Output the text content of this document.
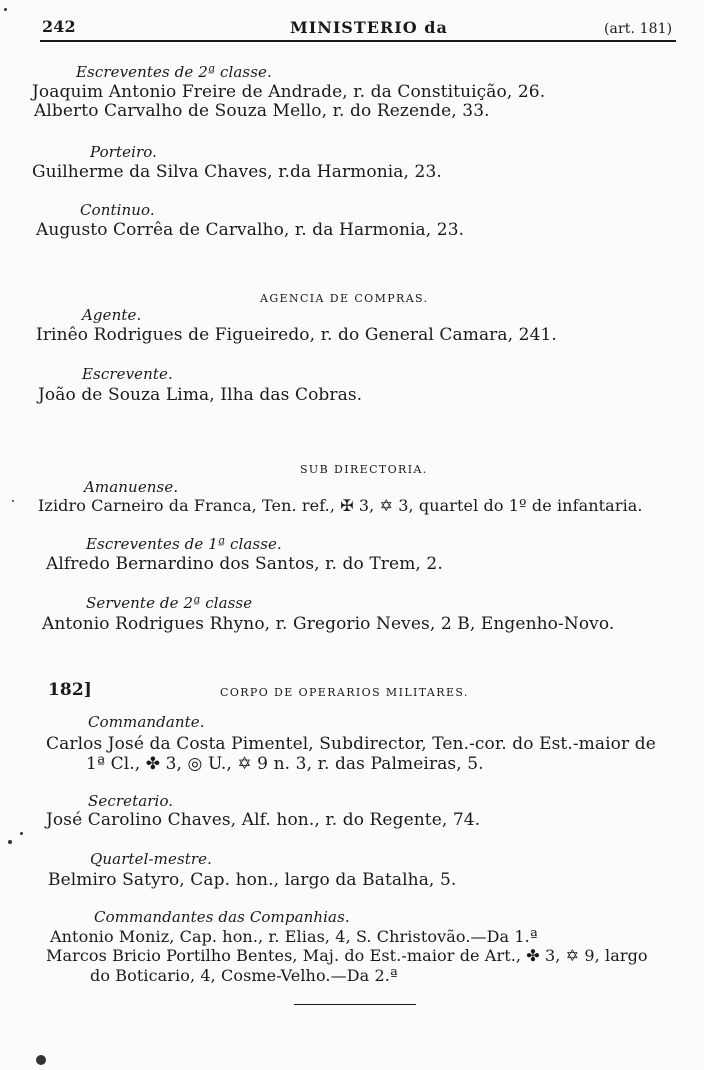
242	MINISTERIO da	(art. 181)
Escreventes de 2ª classe.
Joaquim Antonio Freire de Andrade, r. da Constituição, 26.
Alberto Carvalho de Souza Mello, r. do Rezende, 33.
Porteiro.
Guilherme da Silva Chaves, r.da Harmonia, 23.
Continuo.
Augusto Corrêa de Carvalho, r. da Harmonia, 23.
AGENCIA DE COMPRAS.
Agente.
Irinêo Rodrigues de Figueiredo, r. do General Camara, 241.
Escrevente.
João de Souza Lima, Ilha das Cobras.
SUB DIRECTORIA.
Amanuense.
Izidro Carneiro da Franca, Ten. ref., ✠ 3, ✡ 3, quartel do 1º de infantaria.
Escreventes de 1ª classe.
Alfredo Bernardino dos Santos, r. do Trem, 2.
Servente de 2ª classe
Antonio Rodrigues Rhyno, r. Gregorio Neves, 2 B, Engenho-Novo.
182]	CORPO DE OPERARIOS MILITARES.
Commandante.
Carlos José da Costa Pimentel, Subdirector, Ten.-cor. do Est.-maior de
1ª Cl., ✤ 3, ◎ U., ✡ 9 n. 3, r. das Palmeiras, 5.
Secretario.
José Carolino Chaves, Alf. hon., r. do Regente, 74.
Quartel-mestre.
Belmiro Satyro, Cap. hon., largo da Batalha, 5.
Commandantes das Companhias.
Antonio Moniz, Cap. hon., r. Elias, 4, S. Christovão.—Da 1.ª
Marcos Bricio Portilho Bentes, Maj. do Est.-maior de Art., ✤ 3, ✡ 9, largo
do Boticario, 4, Cosme-Velho.—Da 2.ª
